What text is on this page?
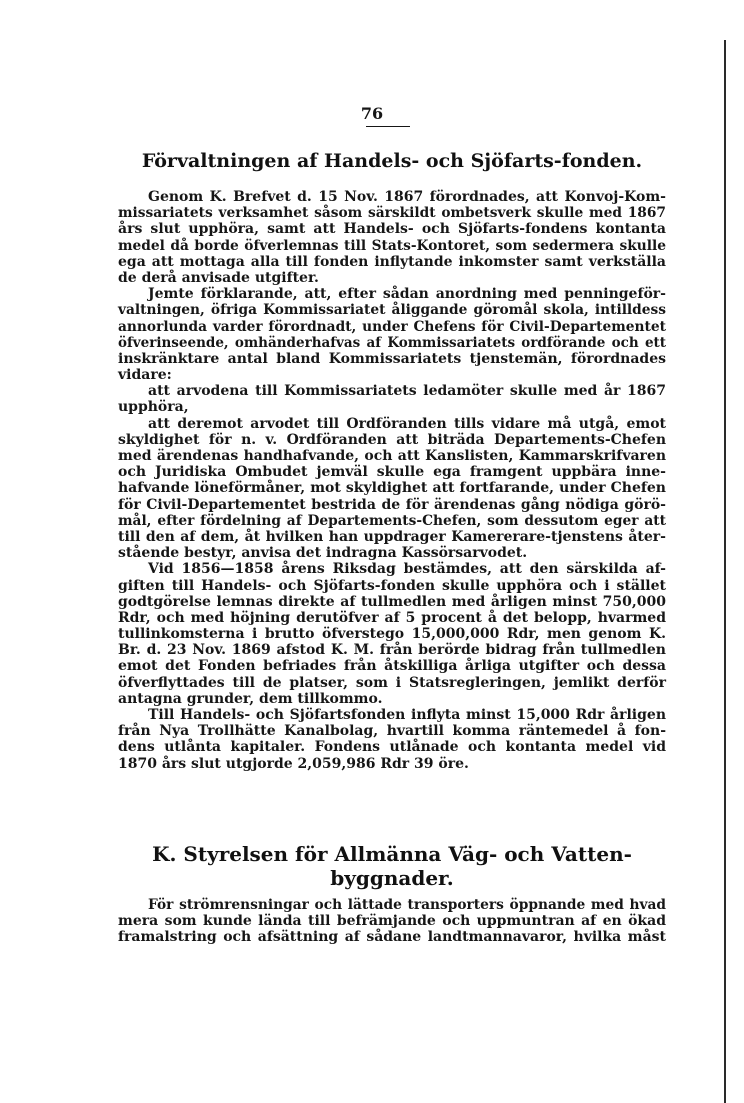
76
Förvaltningen af Handels- och Sjöfarts-fonden.
Genom K. Brefvet d. 15 Nov. 1867 förordnades, att Konvoj-Kom-
missariatets verksamhet såsom särskildt ombetsverk skulle med 1867
års slut upphöra, samt att Handels- och Sjöfarts-fondens kontanta
medel då borde öfverlemnas till Stats-Kontoret, som sedermera skulle
ega att mottaga alla till fonden inflytande inkomster samt verkställa
de derå anvisade utgifter.
Jemte förklarande, att, efter sådan anordning med penningeför-
valtningen, öfriga Kommissariatet åliggande göromål skola, intilldess
annorlunda varder förordnadt, under Chefens för Civil-Departementet
öfverinseende, omhänderhafvas af Kommissariatets ordförande och ett
inskränktare antal bland Kommissariatets tjenstemän, förordnades
vidare:
att arvodena till Kommissariatets ledamöter skulle med år 1867
upphöra,
att deremot arvodet till Ordföranden tills vidare må utgå, emot
skyldighet för n. v. Ordföranden att biträda Departements-Chefen
med ärendenas handhafvande, och att Kanslisten, Kammarskrifvaren
och Juridiska Ombudet jemväl skulle ega framgent uppbära inne-
hafvande löneförmåner, mot skyldighet att fortfarande, under Chefen
för Civil-Departementet bestrida de för ärendenas gång nödiga görö-
mål, efter fördelning af Departements-Chefen, som dessutom eger att
till den af dem, åt hvilken han uppdrager Kamererare-tjenstens åter-
stående bestyr, anvisa det indragna Kassörsarvodet.
Vid 1856—1858 årens Riksdag bestämdes, att den särskilda af-
giften till Handels- och Sjöfarts-fonden skulle upphöra och i stället
godtgörelse lemnas direkte af tullmedlen med årligen minst 750,000
Rdr, och med höjning derutöfver af 5 procent å det belopp, hvarmed
tullinkomsterna i brutto öfverstego 15,000,000 Rdr, men genom K.
Br. d. 23 Nov. 1869 afstod K. M. från berörde bidrag från tullmedlen
emot det Fonden befriades från åtskilliga årliga utgifter och dessa
öfverflyttades till de platser, som i Statsregleringen, jemlikt derför
antagna grunder, dem tillkommo.
Till Handels- och Sjöfartsfonden inflyta minst 15,000 Rdr årligen
från Nya Trollhätte Kanalbolag, hvartill komma räntemedel å fon-
dens utlånta kapitaler. Fondens utlånade och kontanta medel vid
1870 års slut utgjorde 2,059,986 Rdr 39 öre.
K. Styrelsen för Allmänna Väg- och Vatten-
byggnader.
För strömrensningar och lättade transporters öppnande med hvad
mera som kunde lända till befrämjande och uppmuntran af en ökad
framalstring och afsättning af sådane landtmannavaror, hvilka måst
